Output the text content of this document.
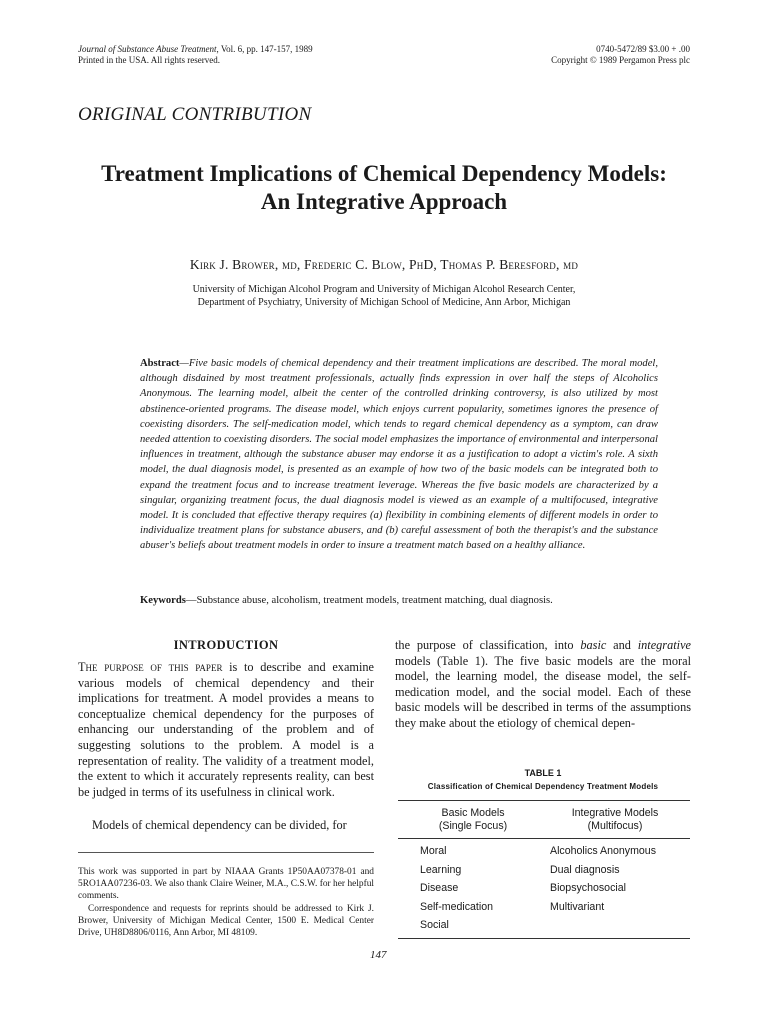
Journal of Substance Abuse Treatment, Vol. 6, pp. 147-157, 1989
Printed in the USA. All rights reserved.
0740-5472/89 $3.00 + .00
Copyright © 1989 Pergamon Press plc
ORIGINAL CONTRIBUTION
Treatment Implications of Chemical Dependency Models:
An Integrative Approach
Kirk J. Brower, md, Frederic C. Blow, PhD, Thomas P. Beresford, md
University of Michigan Alcohol Program and University of Michigan Alcohol Research Center,
Department of Psychiatry, University of Michigan School of Medicine, Ann Arbor, Michigan
Abstract—Five basic models of chemical dependency and their treatment implications are described. The moral model, although disdained by most treatment professionals, actually finds expression in over half the steps of Alcoholics Anonymous. The learning model, albeit the center of the controlled drinking controversy, is also utilized by most abstinence-oriented programs. The disease model, which enjoys current popularity, sometimes ignores the presence of coexisting disorders. The self-medication model, which tends to regard chemical dependency as a symptom, can draw needed attention to coexisting disorders. The social model emphasizes the importance of environmental and interpersonal influences in treatment, although the substance abuser may endorse it as a justification to adopt a victim's role. A sixth model, the dual diagnosis model, is presented as an example of how two of the basic models can be integrated both to expand the treatment focus and to increase treatment leverage. Whereas the five basic models are characterized by a singular, organizing treatment focus, the dual diagnosis model is viewed as an example of a multifocused, integrative model. It is concluded that effective therapy requires (a) flexibility in combining elements of different models in order to individualize treatment plans for substance abusers, and (b) careful assessment of both the therapist's and the substance abuser's beliefs about treatment models in order to insure a treatment match based on a healthy alliance.
Keywords—Substance abuse, alcoholism, treatment models, treatment matching, dual diagnosis.
INTRODUCTION
The purpose of this paper is to describe and examine various models of chemical dependency and their implications for treatment. A model provides a means to conceptualize chemical dependency for the purposes of enhancing our understanding of the problem and of suggesting solutions to the problem. A model is a representation of reality. The validity of a treatment model, the extent to which it accurately represents reality, can best be judged in terms of its usefulness in clinical work.
Models of chemical dependency can be divided, for
the purpose of classification, into basic and integrative models (Table 1). The five basic models are the moral model, the learning model, the disease model, the self-medication model, and the social model. Each of these basic models will be described in terms of the assumptions they make about the etiology of chemical depen-

This work was supported in part by NIAAA Grants 1P50AA07378-01 and 5RO1AA07236-03. We also thank Claire Weiner, M.A., C.S.W. for her helpful comments.

Correspondence and requests for reprints should be addressed to Kirk J. Brower, University of Michigan Medical Center, 1500 E. Medical Center Drive, UH8D8806/0116, Ann Arbor, MI 48109.

TABLE 1
Classification of Chemical Dependency Treatment Models
Basic Models
(Single Focus)
Integrative Models
(Multifocus)
Moral
Learning
Disease
Self-medication
Social
Alcoholics Anonymous
Dual diagnosis
Biopsychosocial
Multivariant
147
